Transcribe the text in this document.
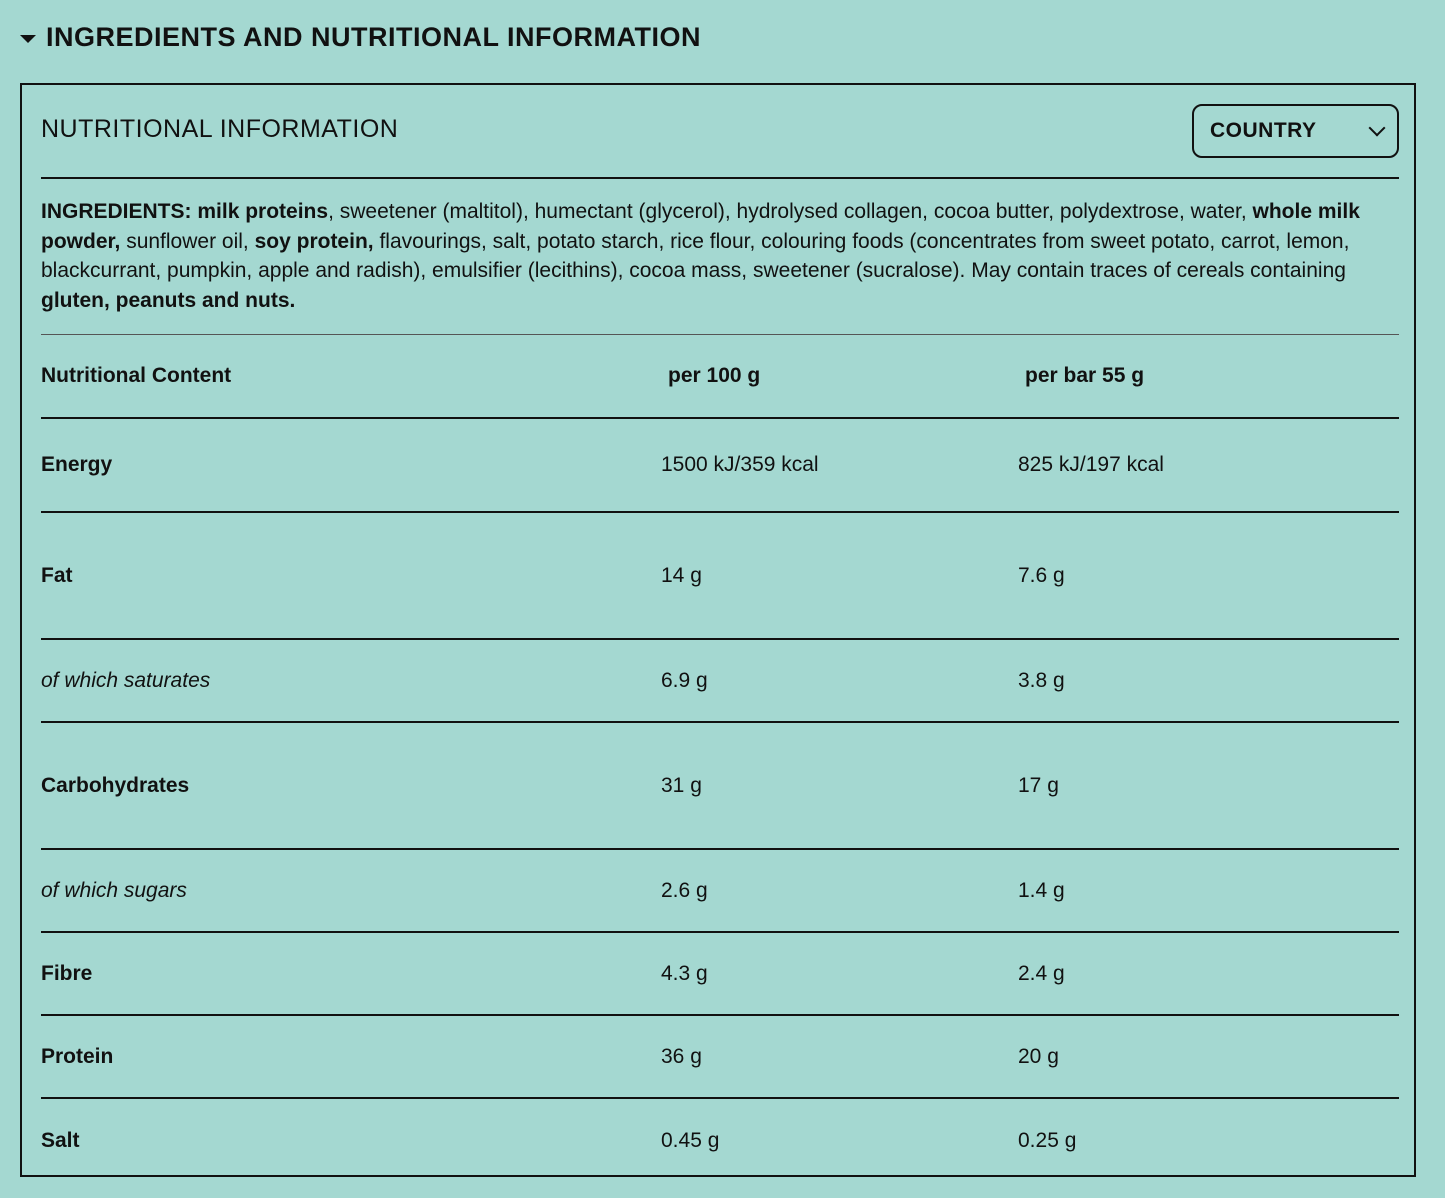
INGREDIENTS AND NUTRITIONAL INFORMATION
NUTRITIONAL INFORMATION	COUNTRY
INGREDIENTS: milk proteins, sweetener (maltitol), humectant (glycerol), hydrolysed collagen, cocoa butter, polydextrose, water, whole milk powder, sunflower oil, soy protein, flavourings, salt, potato starch, rice flour, colouring foods (concentrates from sweet potato, carrot, lemon, blackcurrant, pumpkin, apple and radish), emulsifier (lecithins), cocoa mass, sweetener (sucralose). May contain traces of cereals containing gluten, peanuts and nuts.
Nutritional Content	per 100 g	per bar 55 g
Energy	1500 kJ/359 kcal	825 kJ/197 kcal
Fat	14 g	7.6 g
of which saturates	6.9 g	3.8 g
Carbohydrates	31 g	17 g
of which sugars	2.6 g	1.4 g
Fibre	4.3 g	2.4 g
Protein	36 g	20 g
Salt	0.45 g	0.25 g
